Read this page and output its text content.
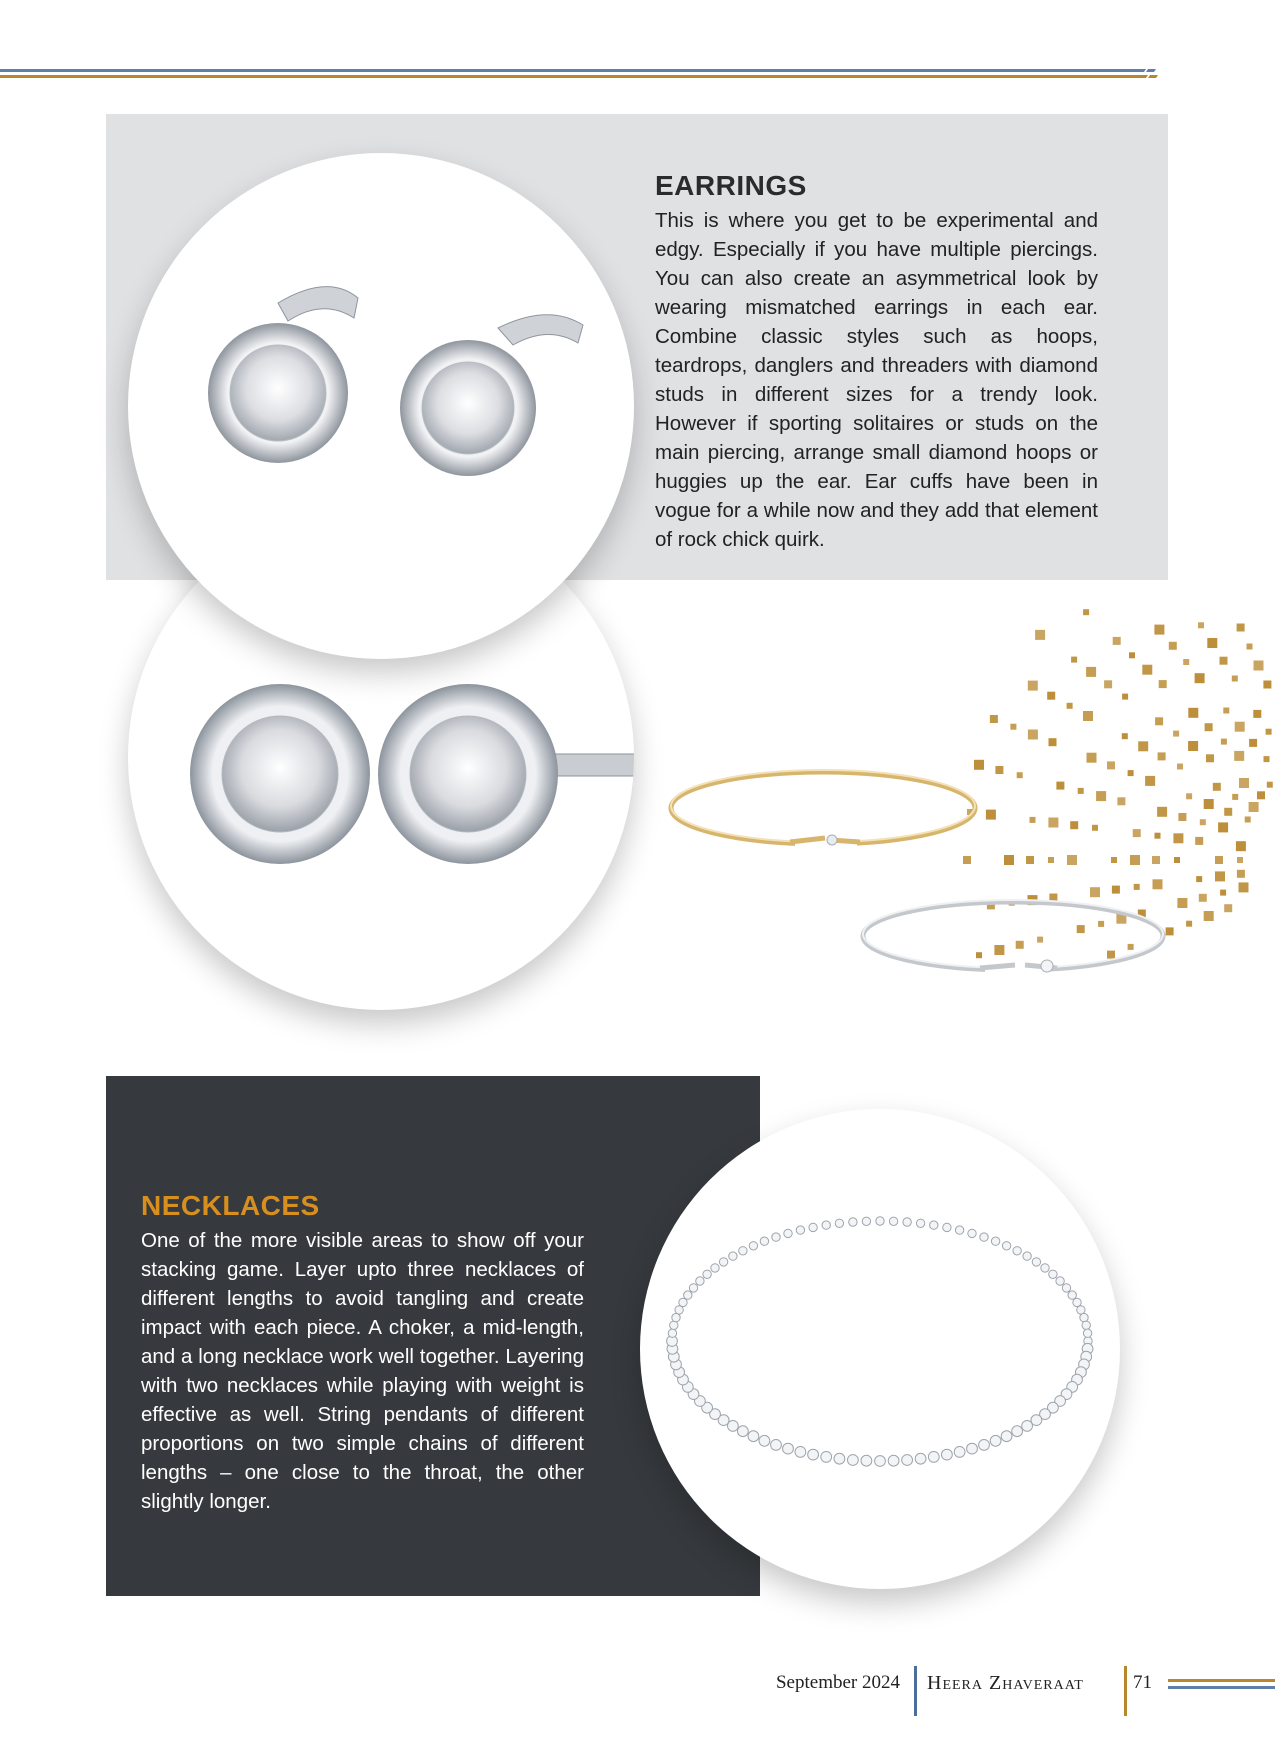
EARRINGS

This is where you get to be experimental and edgy. Especially if you have multiple piercings. You can also create an asymmetrical look by wearing mismatched earrings in each ear. Combine classic styles such as hoops, teardrops, danglers and threaders with diamond studs in different sizes for a trendy look. However if sporting solitaires or studs on the main piercing, arrange small diamond hoops or huggies up the ear. Ear cuffs have been in vogue for a while now and they add that element of rock chick quirk.

NECKLACES

One of the more visible areas to show off your stacking game. Layer upto three necklaces of different lengths to avoid tangling and create impact with each piece. A choker, a mid-length, and a long necklace work well together. Layering with two necklaces while playing with weight is effective as well. String pendants of different proportions on two simple chains of different lengths – one close to the throat, the other slightly longer.

September 2024 Heera Zhaveraat	71
